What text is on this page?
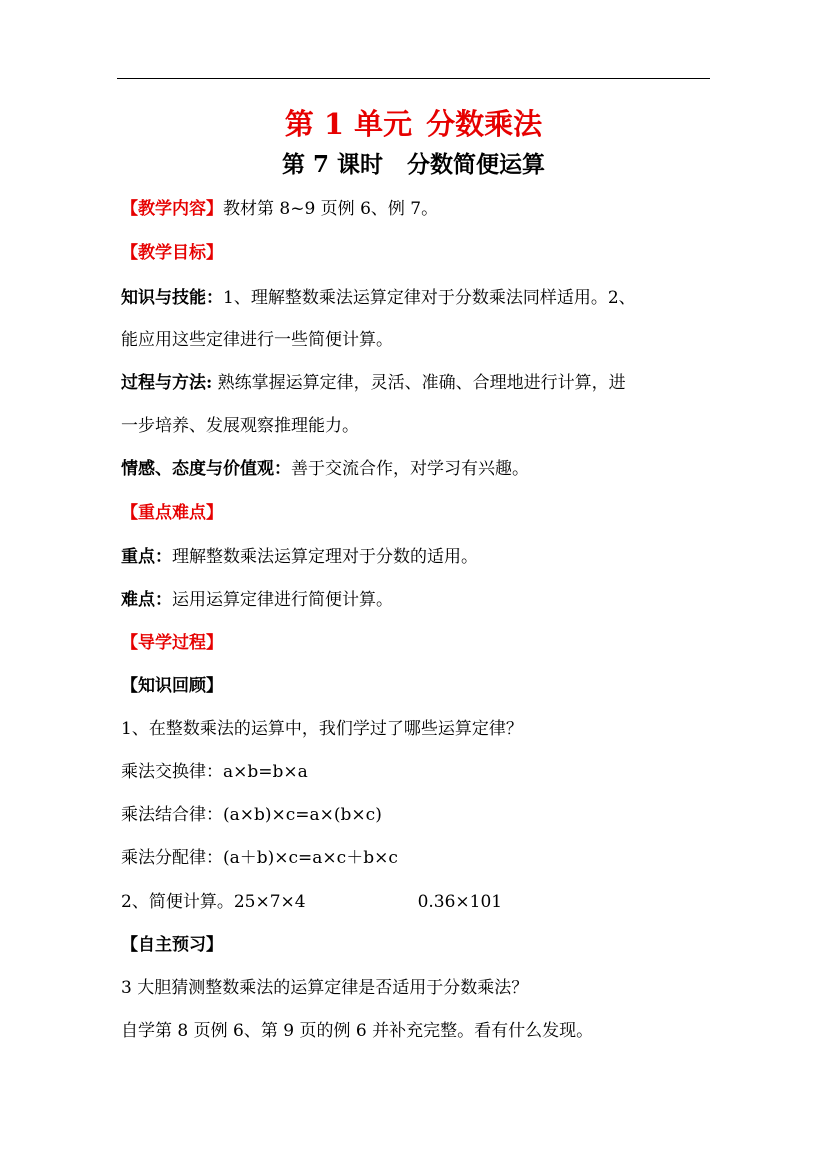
第 1 单元 分数乘法
第 7 课时 分数简便运算
【教学内容】教材第 8~9 页例 6、例 7。
【教学目标】
知识与技能：1、理解整数乘法运算定律对于分数乘法同样适用。2、
能应用这些定律进行一些简便计算。
过程与方法: 熟练掌握运算定律，灵活、准确、合理地进行计算，进
一步培养、发展观察推理能力。
情感、态度与价值观：善于交流合作，对学习有兴趣。
【重点难点】
重点：理解整数乘法运算定理对于分数的适用。
难点：运用运算定律进行简便计算。
【导学过程】
【知识回顾】
1、在整数乘法的运算中，我们学过了哪些运算定律？
乘法交换律：a×b=b×a
乘法结合律：(a×b)×c=a×(b×c)
乘法分配律：(a＋b)×c=a×c＋b×c
2、简便计算。25×7×4	0.36×101
【自主预习】
3 大胆猜测整数乘法的运算定律是否适用于分数乘法？
自学第 8 页例 6、第 9 页的例 6 并补充完整。看有什么发现。
